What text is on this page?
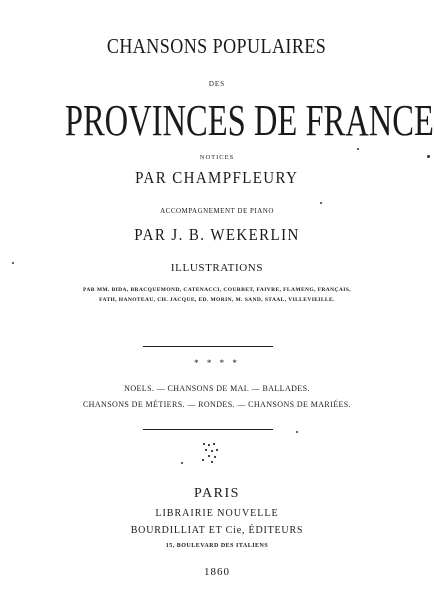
CHANSONS POPULAIRES
DES
PROVINCES DE FRANCE
NOTICES
PAR CHAMPFLEURY
ACCOMPAGNEMENT DE PIANO
PAR J. B. WEKERLIN
ILLUSTRATIONS
PAR MM. BIDA, BRACQUEMOND, CATENACCI, COURBET, FAIVRE, FLAMENG, FRANÇAIS,
FATH, HANOTEAU, CH. JACQUE, ED. MORIN, M. SAND, STAAL, VILLEVIEILLE.
* * * *
NOELS. — CHANSONS DE MAI. — BALLADES.
CHANSONS DE MÉTIERS. — RONDES. — CHANSONS DE MARIÉES.
PARIS
LIBRAIRIE NOUVELLE
BOURDILLIAT ET Cie, ÉDITEURS
15, BOULEVARD DES ITALIENS
1860
